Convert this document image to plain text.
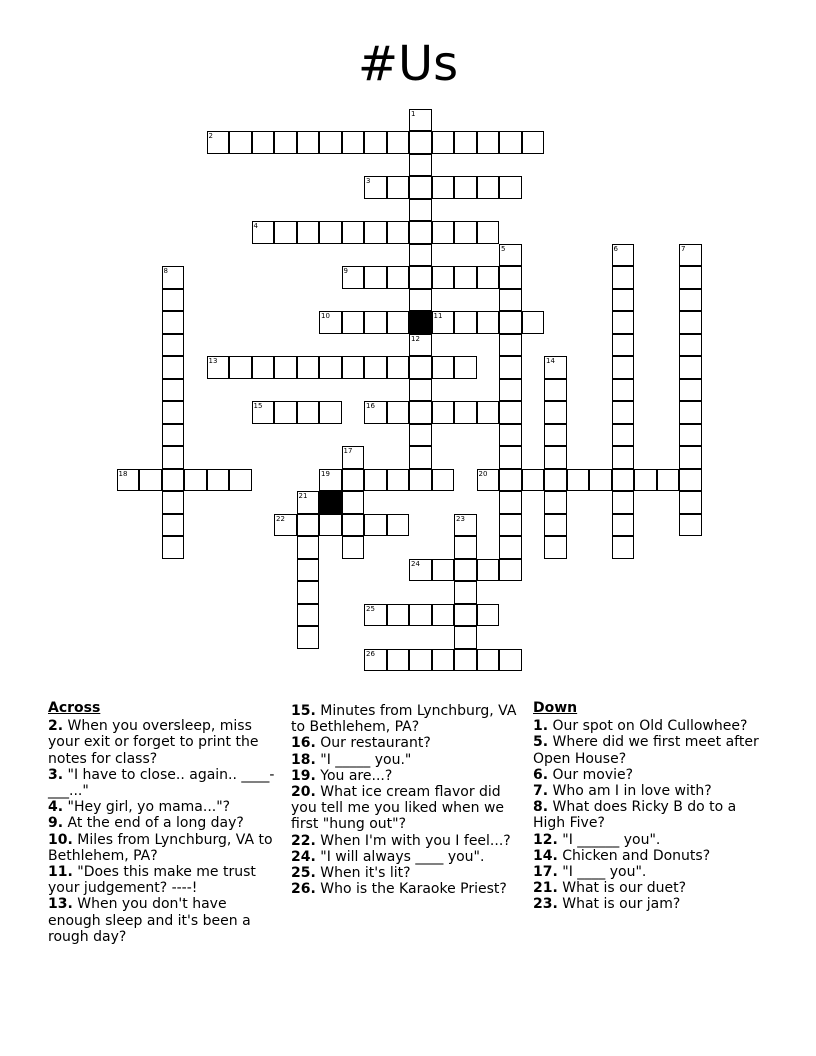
#Us
2
3
4
9
10	11
13
15	16
18	19	20
22
24
25
26
1
12
5	6	7
8
14
17
21
23
Across

2. When you oversleep, miss your exit or forget to print the notes for class?

3. "I have to close.. again.. ____-___..."

4. "Hey girl, yo mama..."?

9. At the end of a long day?

10. Miles from Lynchburg, VA to Bethlehem, PA?

11. "Does this make me trust your judgement? ----!

13. When you don't have enough sleep and it's been a rough day?

15. Minutes from Lynchburg, VA to Bethlehem, PA?

16. Our restaurant?

18. "I _____ you."

19. You are...?

20. What ice cream flavor did you tell me you liked when we first "hung out"?

22. When I'm with you I feel...?

24. "I will always ____ you".

25. When it's lit?

26. Who is the Karaoke Priest?

Down

1. Our spot on Old Cullowhee?

5. Where did we first meet after Open House?

6. Our movie?

7. Who am I in love with?

8. What does Ricky B do to a High Five?

12. "I ______ you".

14. Chicken and Donuts?

17. "I ____ you".

21. What is our duet?

23. What is our jam?
